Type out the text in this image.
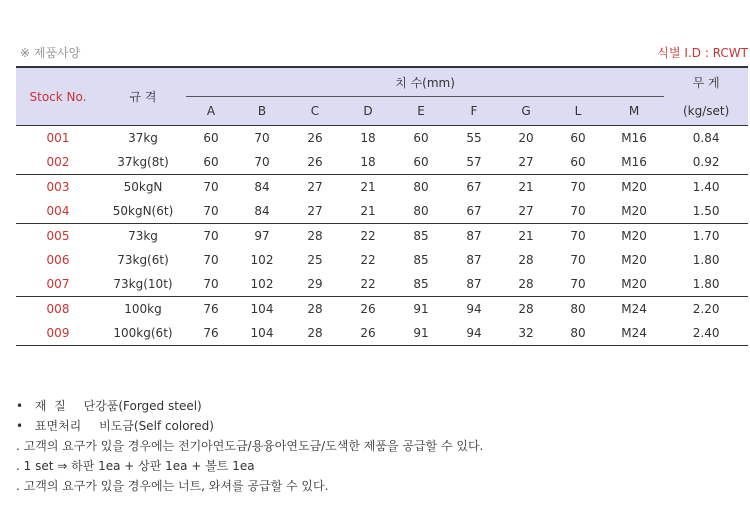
※ 제품사양	식별 I.D : RCWT
Stock No.	규 격	치 수(mm)									무 게
		A	B	C	D	E	F	G	L	M	(kg/set)
001	37kg	60	70	26	18	60	55	20	60	M16	0.84
002	37kg(8t)	60	70	26	18	60	57	27	60	M16	0.92
003	50kgN	70	84	27	21	80	67	21	70	M20	1.40
004	50kgN(6t)	70	84	27	21	80	67	27	70	M20	1.50
005	73kg	70	97	28	22	85	87	21	70	M20	1.70
006	73kg(6t)	70	102	25	22	85	87	28	70	M20	1.80
007	73kg(10t)	70	102	29	22	85	87	28	70	M20	1.80
008	100kg	76	104	28	26	91	94	28	80	M24	2.20
009	100kg(6t)	76	104	28	26	91	94	32	80	M24	2.40
• 재  질 단강품(Forged steel)
• 표면처리 비도금(Self colored)
. 고객의 요구가 있을 경우에는 전기아연도금/용융아연도금/도색한 제품을 공급할 수 있다.
. 1 set ⇒ 하판 1ea + 상판 1ea + 볼트 1ea
. 고객의 요구가 있을 경우에는 너트, 와셔를 공급할 수 있다.
